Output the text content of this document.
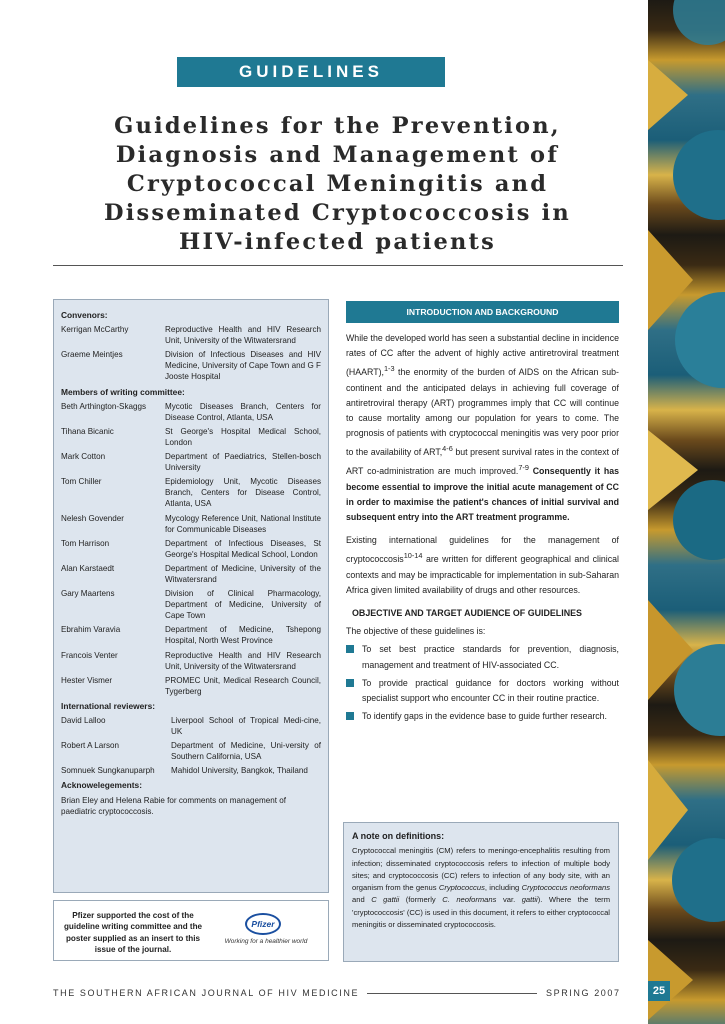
GUIDELINES
Guidelines for the Prevention,
Diagnosis and Management of
Cryptococcal Meningitis and
Disseminated Cryptococcosis in
HIV-infected patients
Convenors:
Kerrigan McCarthy	Reproductive Health and HIV Research Unit, University of the Witwatersrand
Graeme Meintjes	Division of Infectious Diseases and HIV Medicine, University of Cape Town and G F Jooste Hospital
Members of writing committee:
Beth Arthington-Skaggs	Mycotic Diseases Branch, Centers for Disease Control, Atlanta, USA
Tihana Bicanic	St George's Hospital Medical School, London
Mark Cotton	Department of Paediatrics, Stellen-bosch University
Tom Chiller	Epidemiology Unit, Mycotic Diseases Branch, Centers for Disease Control, Atlanta, USA
Nelesh Govender	Mycology Reference Unit, National Institute for Communicable Diseases
Tom Harrison	Department of Infectious Diseases, St George's Hospital Medical School, London
Alan Karstaedt	Department of Medicine, University of the Witwatersrand
Gary Maartens	Division of Clinical Pharmacology, Department of Medicine, University of Cape Town
Ebrahim Varavia	Department of Medicine, Tshepong Hospital, North West Province
Francois Venter	Reproductive Health and HIV Research Unit, University of the Witwatersrand
Hester Vismer	PROMEC Unit, Medical Research Council, Tygerberg
International reviewers:
David Lalloo	Liverpool School of Tropical Medi-cine, UK
Robert A Larson	Department of Medicine, Uni-versity of Southern California, USA
Somnuek Sungkanuparph	Mahidol University, Bangkok, Thailand
Acknowelegements:
Brian Eley and Helena Rabie for comments on management of paediatric cryptococcosis.
Pfizer supported the cost of the guideline writing committee and the poster supplied as an insert to this issue of the journal.
Pfizer
Working for a healthier world
INTRODUCTION AND BACKGROUND

While the developed world has seen a substantial decline in incidence rates of CC after the advent of highly active antiretroviral treatment (HAART),$^{1-3}$ the enormity of the burden of AIDS on the African sub-continent and the anticipated delays in achieving full coverage of antiretroviral therapy (ART) programmes imply that CC will continue to cause mortality among our population for years to come. The prognosis of patients with cryptococcal meningitis was very poor prior to the availability of ART,$^{4-6}$ but present survival rates in the context of ART co-administration are much improved.$^{7-9}$ Consequently it has become essential to improve the initial acute management of CC in order to maximise the patient's chances of initial survival and subsequent entry into the ART treatment programme.

Existing international guidelines for the management of cryptococcosis$^{10-14}$ are written for different geographical and clinical contexts and may be impracticable for implementation in sub-Saharan Africa given limited availability of drugs and other resources.

OBJECTIVE AND TARGET AUDIENCE OF GUIDELINES
The objective of these guidelines is:
To set best practice standards for prevention, diagnosis, management and treatment of HIV-associated CC.
To provide practical guidance for doctors working without specialist support who encounter CC in their routine practice.
To identify gaps in the evidence base to guide further research.
A note on definitions:
Cryptococcal meningitis (CM) refers to meningo-encephalitis resulting from infection; disseminated cryptococcosis refers to infection of multiple body sites; and cryptococcosis (CC) refers to infection of any body site, with an organism from the genus Cryptococcus, including Cryptococcus neoformans and C gattii (formerly C. neoformans var. gattii). Where the term 'cryptococcosis' (CC) is used in this document, it refers to either cryptococcal meningitis or disseminated cryptococcosis.
THE SOUTHERN AFRICAN JOURNAL OF HIV MEDICINE	SPRING 2007	25
